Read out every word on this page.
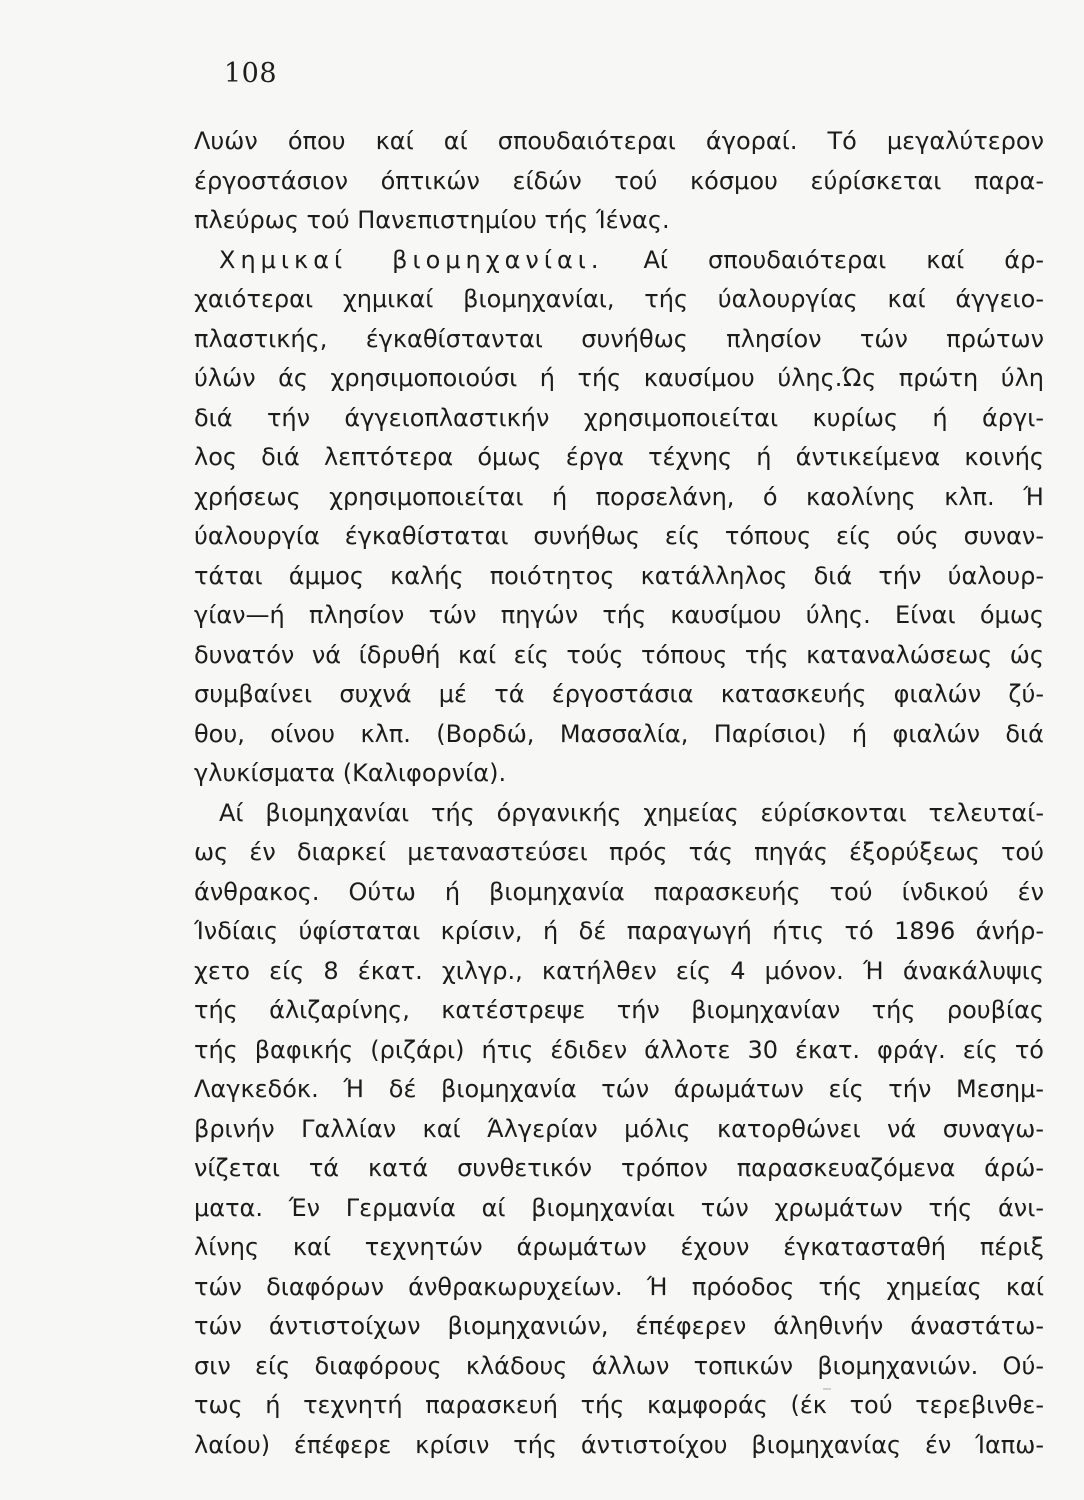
108
Λυών όπου καί αί σπουδαιότεραι άγοραί. Τό μεγαλύτερον
έργοστάσιον όπτικών είδών τού κόσμου εύρίσκεται παρα-
πλεύρως τού Πανεπιστημίου τής Ίένας.
Χημικαί βιομηχανίαι. Αί σπουδαιότεραι καί άρ-
χαιότεραι χημικαί βιομηχανίαι, τής ύαλουργίας καί άγγειο-
πλαστικής, έγκαθίστανται συνήθως πλησίον τών πρώτων
ύλών άς χρησιμοποιούσι ή τής καυσίμου ύλης.Ώς πρώτη ύλη
διά τήν άγγειοπλαστικήν χρησιμοποιείται κυρίως ή άργι-
λος διά λεπτότερα όμως έργα τέχνης ή άντικείμενα κοινής
χρήσεως χρησιμοποιείται ή πορσελάνη, ό καολίνης κλπ. Ή
ύαλουργία έγκαθίσταται συνήθως είς τόπους είς ούς συναν-
τάται άμμος καλής ποιότητος κατάλληλος διά τήν ύαλουρ-
γίαν—ή πλησίον τών πηγών τής καυσίμου ύλης. Είναι όμως
δυνατόν νά ίδρυθή καί είς τούς τόπους τής καταναλώσεως ώς
συμβαίνει συχνά μέ τά έργοστάσια κατασκευής φιαλών ζύ-
θου, οίνου κλπ. (Βορδώ, Μασσαλία, Παρίσιοι) ή φιαλών διά
γλυκίσματα (Καλιφορνία).
Αί βιομηχανίαι τής όργανικής χημείας εύρίσκονται τελευταί-
ως έν διαρκεί μεταναστεύσει πρός τάς πηγάς έξορύξεως τού
άνθρακος. Ούτω ή βιομηχανία παρασκευής τού ίνδικού έν
Ίνδίαις ύφίσταται κρίσιν, ή δέ παραγωγή ήτις τό 1896 άνήρ-
χετο είς 8 έκατ. χιλγρ., κατήλθεν είς 4 μόνον. Ή άνακάλυψις
τής άλιζαρίνης, κατέστρεψε τήν βιομηχανίαν τής ρουβίας
τής βαφικής (ριζάρι) ήτις έδιδεν άλλοτε 30 έκατ. φράγ. είς τό
Λαγκεδόκ. Ή δέ βιομηχανία τών άρωμάτων είς τήν Μεσημ-
βρινήν Γαλλίαν καί Άλγερίαν μόλις κατορθώνει νά συναγω-
νίζεται τά κατά συνθετικόν τρόπον παρασκευαζόμενα άρώ-
ματα. Έν Γερμανία αί βιομηχανίαι τών χρωμάτων τής άνι-
λίνης καί τεχνητών άρωμάτων έχουν έγκατασταθή πέριξ
τών διαφόρων άνθρακωρυχείων. Ή πρόοδος τής χημείας καί
τών άντιστοίχων βιομηχανιών, έπέφερεν άληθινήν άναστάτω-
σιν είς διαφόρους κλάδους άλλων τοπικών βιομηχανιών. Ού-
τως ή τεχνητή παρασκευή τής καμφοράς (έκ τού τερεβινθε-
λαίου) έπέφερε κρίσιν τής άντιστοίχου βιομηχανίας έν Ίαπω-
